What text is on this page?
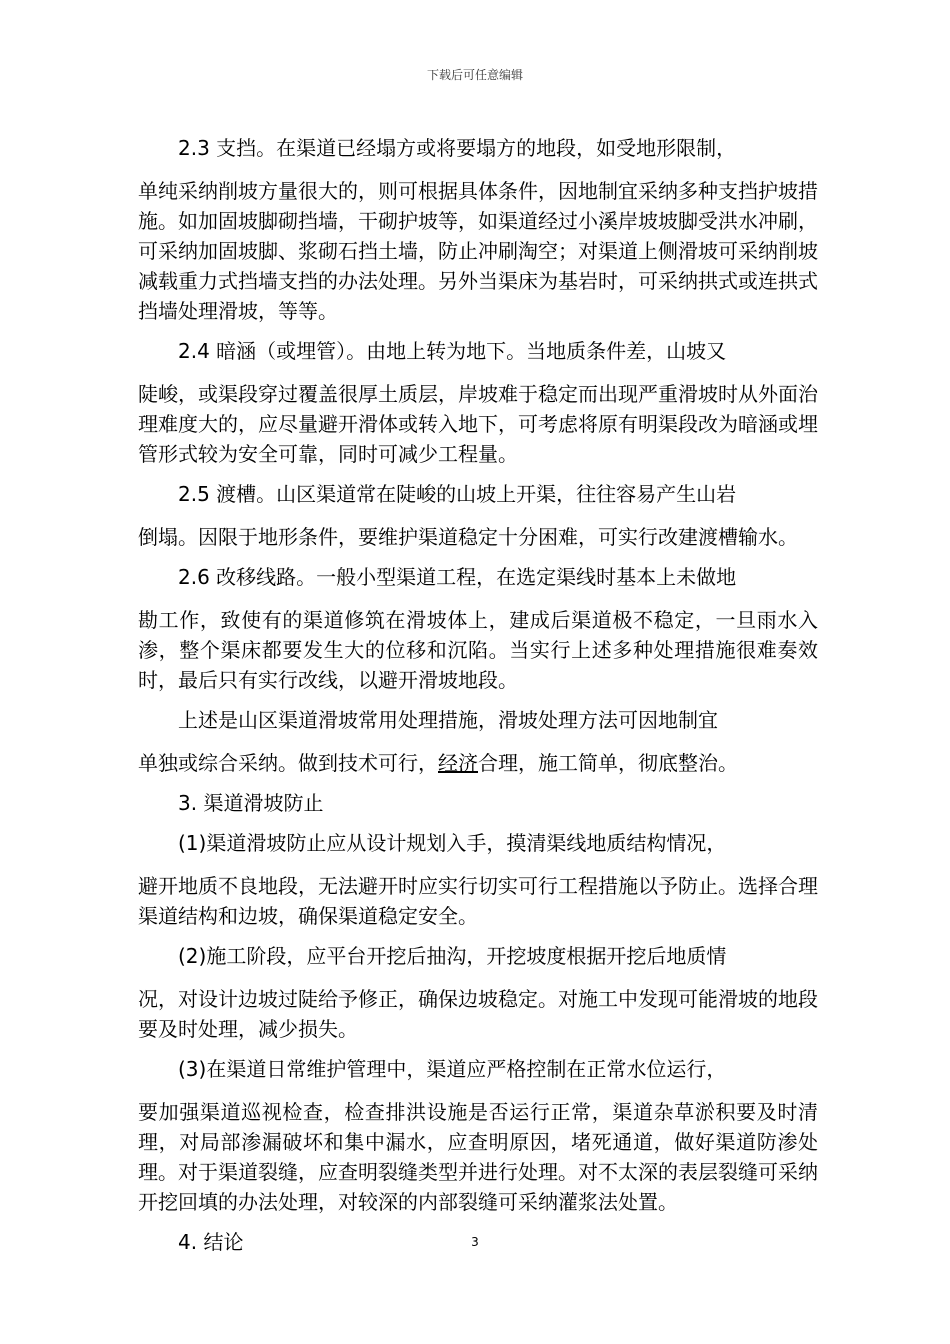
下载后可任意编辑

2.3 支挡。在渠道已经塌方或将要塌方的地段，如受地形限制，
单纯采纳削坡方量很大的，则可根据具体条件，因地制宜采纳多种支挡护坡措施。如加固坡脚砌挡墙，干砌护坡等，如渠道经过小溪岸坡坡脚受洪水冲刷，可采纳加固坡脚、浆砌石挡土墙，防止冲刷淘空；对渠道上侧滑坡可采纳削坡减载重力式挡墙支挡的办法处理。另外当渠床为基岩时，可采纳拱式或连拱式挡墙处理滑坡，等等。

2.4 暗涵（或埋管）。由地上转为地下。当地质条件差，山坡又
陡峻，或渠段穿过覆盖很厚土质层，岸坡难于稳定而出现严重滑坡时从外面治理难度大的，应尽量避开滑体或转入地下，可考虑将原有明渠段改为暗涵或埋管形式较为安全可靠，同时可减少工程量。

2.5 渡槽。山区渠道常在陡峻的山坡上开渠，往往容易产生山岩
倒塌。因限于地形条件，要维护渠道稳定十分困难，可实行改建渡槽输水。

2.6 改移线路。一般小型渠道工程，在选定渠线时基本上未做地
勘工作，致使有的渠道修筑在滑坡体上，建成后渠道极不稳定，一旦雨水入渗，整个渠床都要发生大的位移和沉陷。当实行上述多种处理措施很难奏效时，最后只有实行改线，以避开滑坡地段。

上述是山区渠道滑坡常用处理措施，滑坡处理方法可因地制宜
单独或综合采纳。做到技术可行，经济合理，施工简单，彻底整治。

3. 渠道滑坡防止

(1)渠道滑坡防止应从设计规划入手，摸清渠线地质结构情况，
避开地质不良地段，无法避开时应实行切实可行工程措施以予防止。选择合理渠道结构和边坡，确保渠道稳定安全。

(2)施工阶段，应平台开挖后抽沟，开挖坡度根据开挖后地质情
况，对设计边坡过陡给予修正，确保边坡稳定。对施工中发现可能滑坡的地段要及时处理，减少损失。

(3)在渠道日常维护管理中，渠道应严格控制在正常水位运行，
要加强渠道巡视检查，检查排洪设施是否运行正常，渠道杂草淤积要及时清理，对局部渗漏破坏和集中漏水，应查明原因，堵死通道，做好渠道防渗处理。对于渠道裂缝，应查明裂缝类型并进行处理。对不太深的表层裂缝可采纳开挖回填的办法处理，对较深的内部裂缝可采纳灌浆法处置。

4. 结论	3
